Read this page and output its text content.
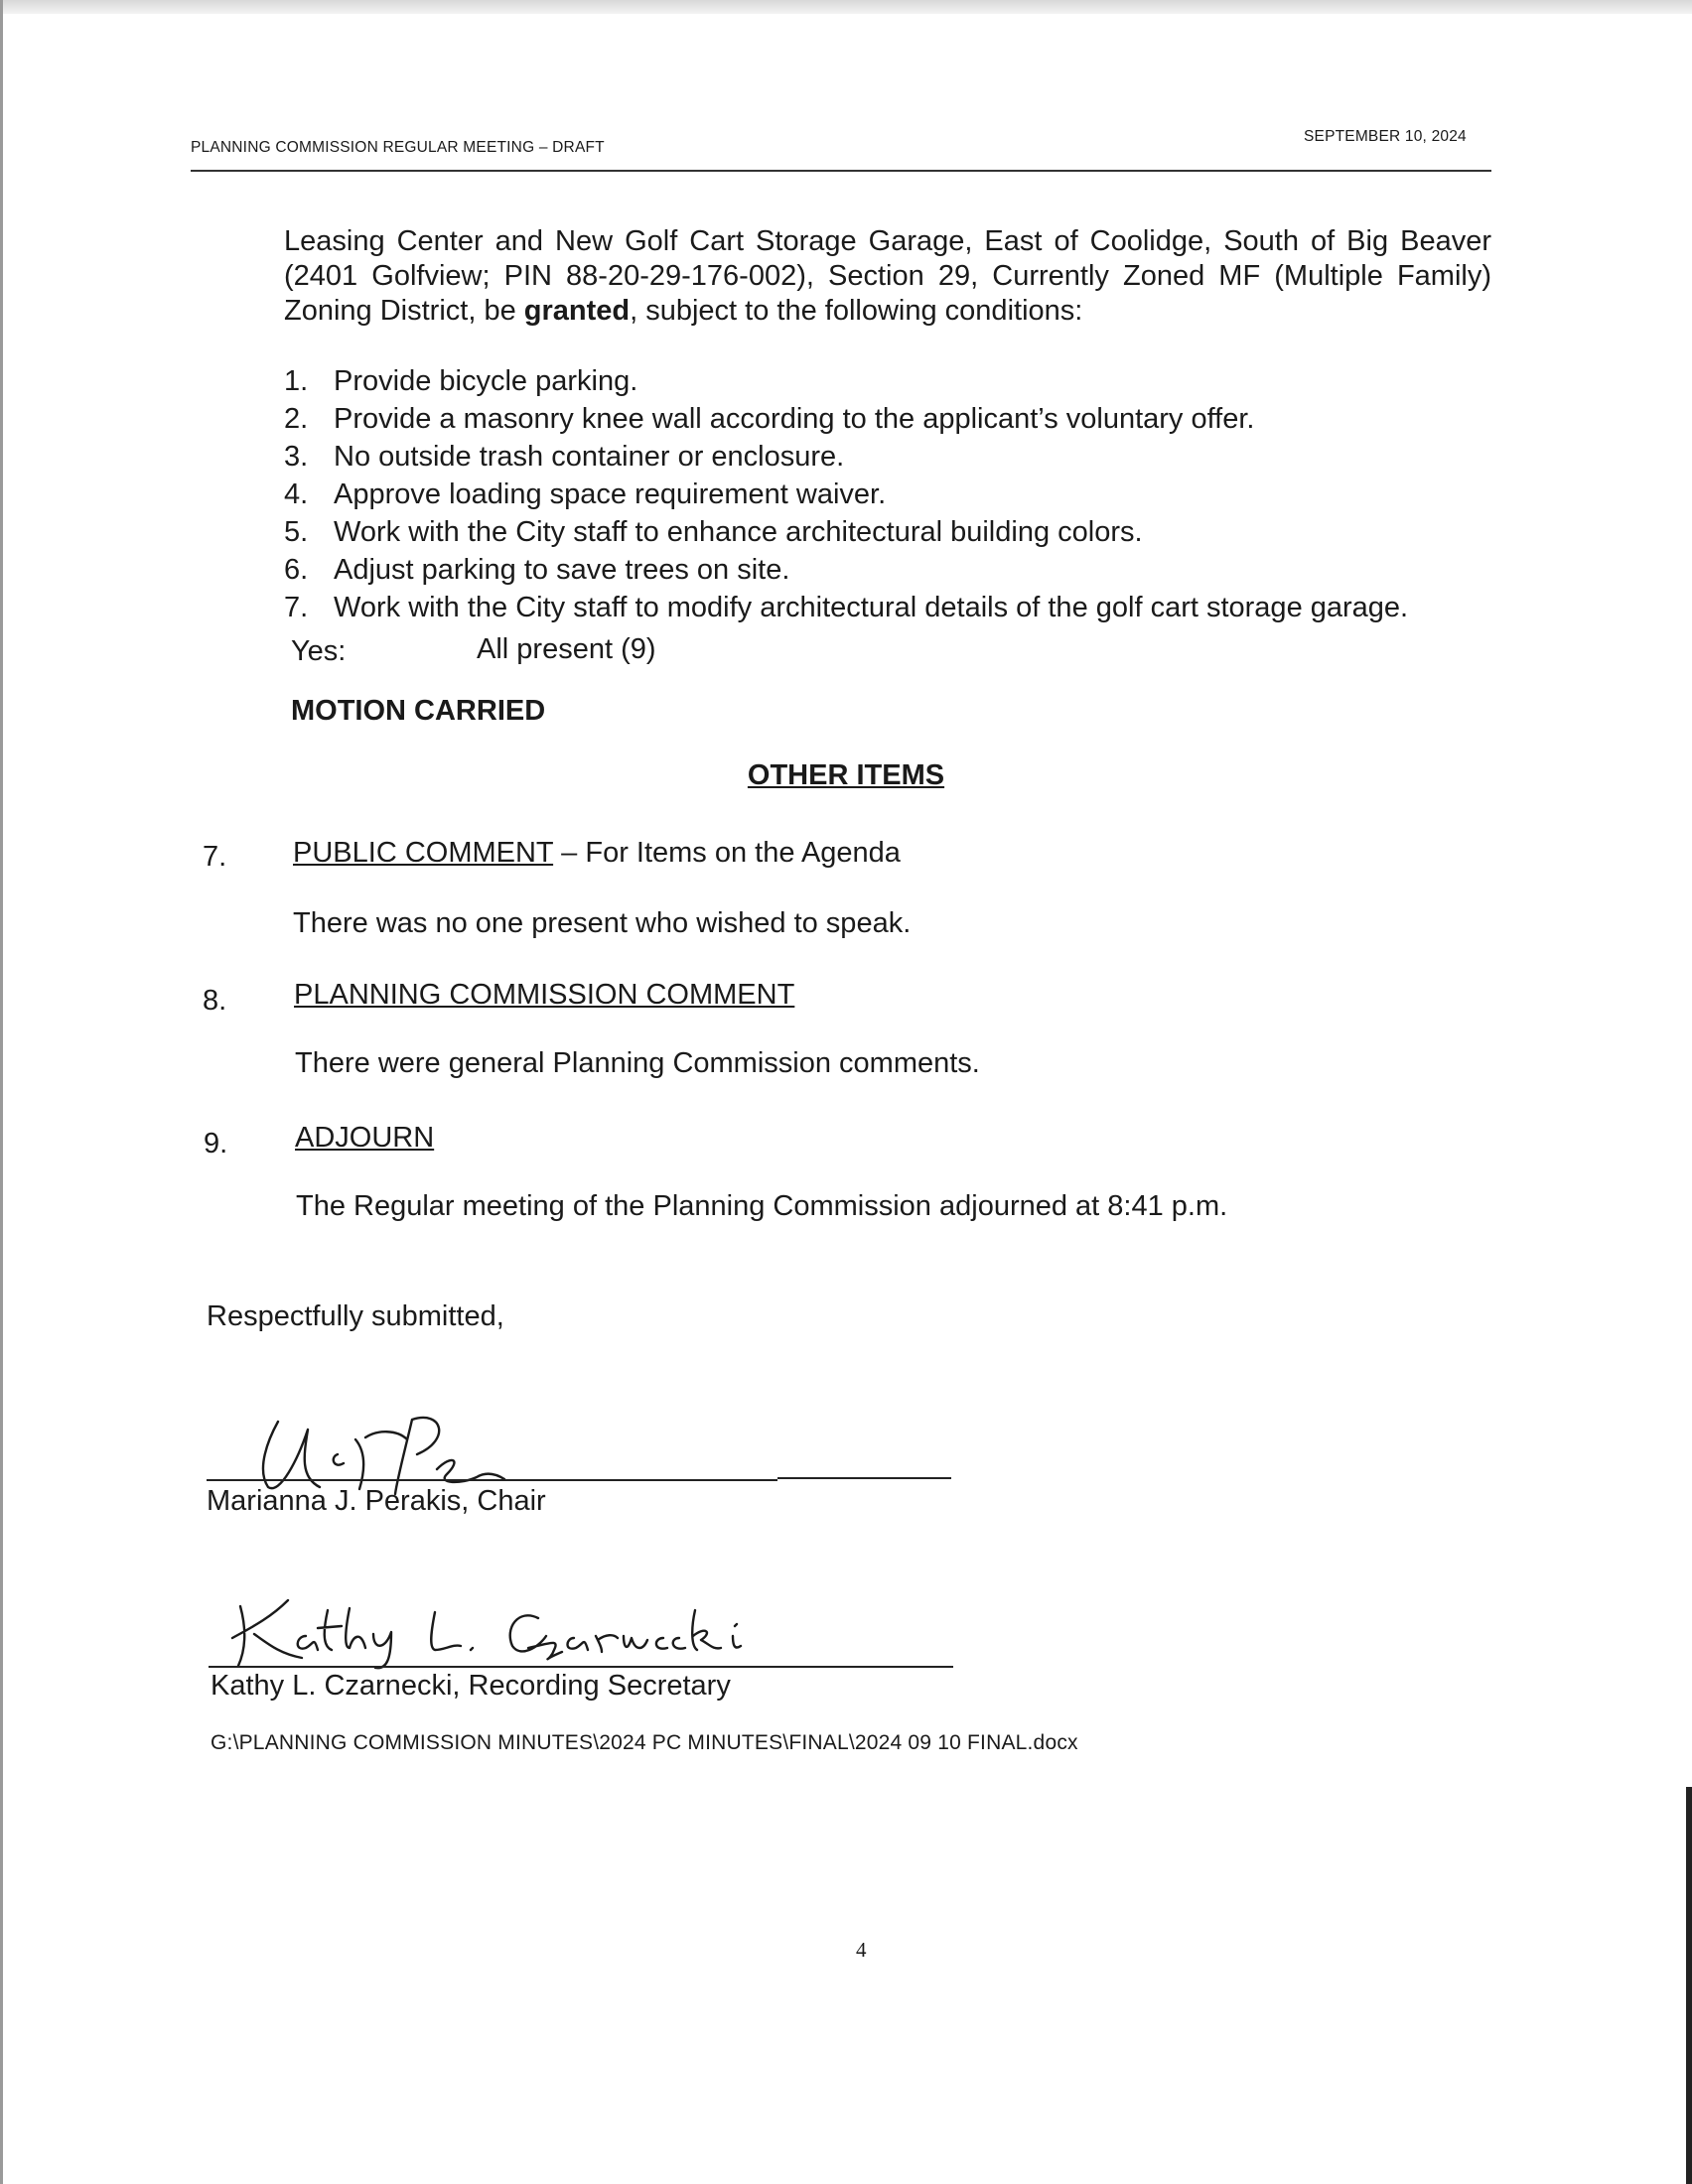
PLANNING COMMISSION REGULAR MEETING – DRAFT
SEPTEMBER 10, 2024
Leasing Center and New Golf Cart Storage Garage, East of Coolidge, South of Big Beaver (2401 Golfview; PIN 88-20-29-176-002), Section 29, Currently Zoned MF (Multiple Family) Zoning District, be granted, subject to the following conditions:
1. Provide bicycle parking.
2. Provide a masonry knee wall according to the applicant’s voluntary offer.
3. No outside trash container or enclosure.
4. Approve loading space requirement waiver.
5. Work with the City staff to enhance architectural building colors.
6. Adjust parking to save trees on site.
7. Work with the City staff to modify architectural details of the golf cart storage garage.
Yes:	All present (9)
MOTION CARRIED
OTHER ITEMS
7. PUBLIC COMMENT – For Items on the Agenda
There was no one present who wished to speak.
8. PLANNING COMMISSION COMMENT
There were general Planning Commission comments.
9. ADJOURN
The Regular meeting of the Planning Commission adjourned at 8:41 p.m.
Respectfully submitted,
Marianna J. Perakis, Chair
Kathy L. Czarnecki, Recording Secretary
G:\PLANNING COMMISSION MINUTES\2024 PC MINUTES\FINAL\2024 09 10 FINAL.docx
4
